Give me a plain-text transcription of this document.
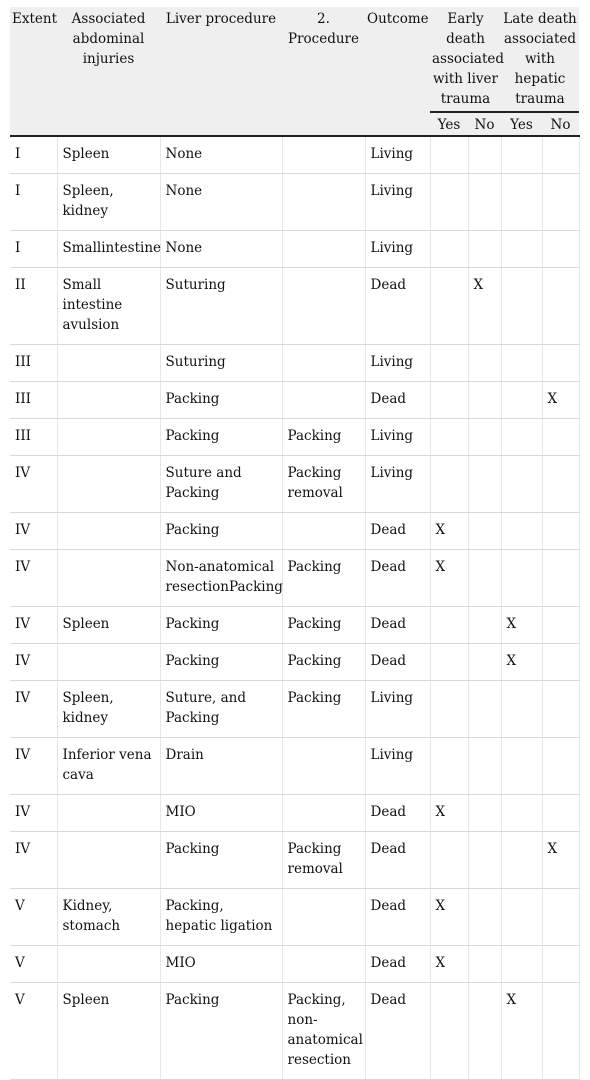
Extent	Associated abdominal injuries	Liver procedure	2. Procedure	Outcome	Early death associated with liver trauma		Late death associated with hepatic trauma	
					Yes	No	Yes	No
I	Spleen	None		Living				
I	Spleen, kidney	None		Living				
I	Smallintestine	None		Living				
II	Small intestine avulsion	Suturing		Dead		X		
III		Suturing		Living				
III		Packing		Dead				X
III		Packing	Packing	Living				
IV		Suture and Packing	Packing removal	Living				
IV		Packing		Dead	X			
IV		Non-anatomical resectionPacking	Packing	Dead	X			
IV	Spleen	Packing	Packing	Dead			X	
IV		Packing	Packing	Dead			X	
IV	Spleen, kidney	Suture, and Packing	Packing	Living				
IV	Inferior vena cava	Drain		Living				
IV		MIO		Dead	X			
IV		Packing	Packing removal	Dead				X
V	Kidney, stomach	Packing, hepatic ligation		Dead	X			
V		MIO		Dead	X			
V	Spleen	Packing	Packing, non-anatomical resection	Dead			X	
